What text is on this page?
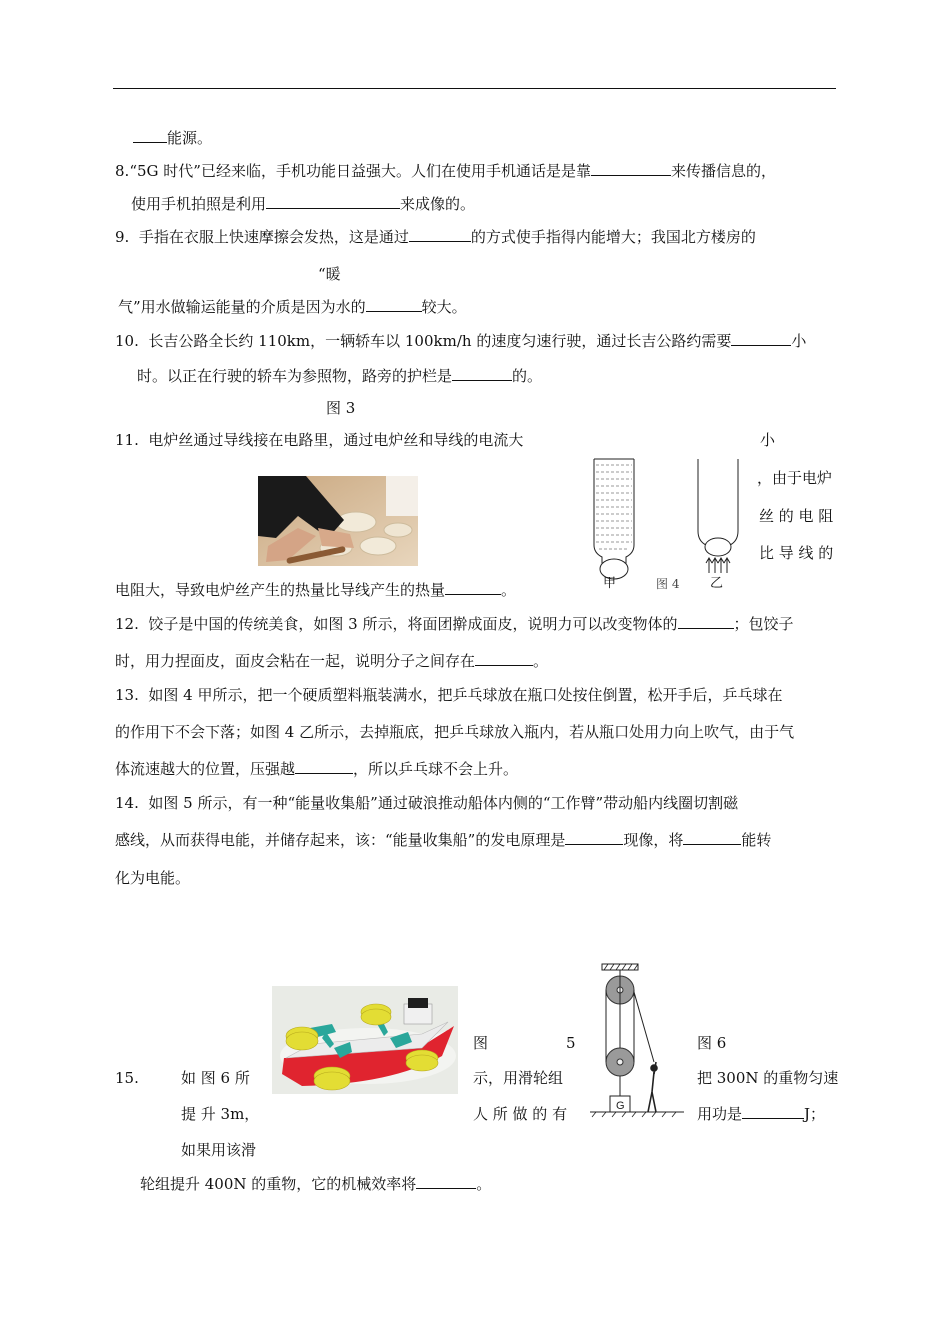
能源。
8.“5G 时代”已经来临，手机功能日益强大。人们在使用手机通话是是靠	来传播信息的，
使用手机拍照是利用	来成像的。
9. 手指在衣服上快速摩擦会发热，这是通过	的方式使手指得内能增大；我国北方楼房的
“暖
气”用水做输运能量的介质是因为水的	较大。
10. 长吉公路全长约 110km，一辆轿车以 100km/h 的速度匀速行驶，通过长吉公路约需要	小
时。以正在行驶的轿车为参照物，路旁的护栏是	的。
图 3
11. 电炉丝通过导线接在电路里，通过电炉丝和导线的电流大	小
，由于电炉
丝 的 电 阻
比 导 线 的
甲	图 4 乙
电阻大，导致电炉丝产生的热量比导线产生的热量	。
12. 饺子是中国的传统美食，如图 3 所示，将面团擀成面皮，说明力可以改变物体的	；包饺子
时，用力捏面皮，面皮会粘在一起，说明分子之间存在	。
13. 如图 4 甲所示，把一个硬质塑料瓶装满水，把乒乓球放在瓶口处按住倒置，松开手后，乒乓球在
的作用下不会下落；如图 4 乙所示，去掉瓶底，把乒乓球放入瓶内，若从瓶口处用力向上吹气，由于气
体流速越大的位置，压强越	，所以乒乓球不会上升。
14. 如图 5 所示，有一种“能量收集船”通过破浪推动船体内侧的“工作臂”带动船内线圈切割磁
感线，从而获得电能，并储存起来，该：“能量收集船”的发电原理是	现像，将	能转
化为电能。
G
15.	如 图 6 所
提 升 3m，
如果用该滑
图	5
示，用滑轮组
人 所 做 的 有
图 6
把 300N 的重物匀速
用功是	J；
轮组提升 400N 的重物，它的机械效率将	。
